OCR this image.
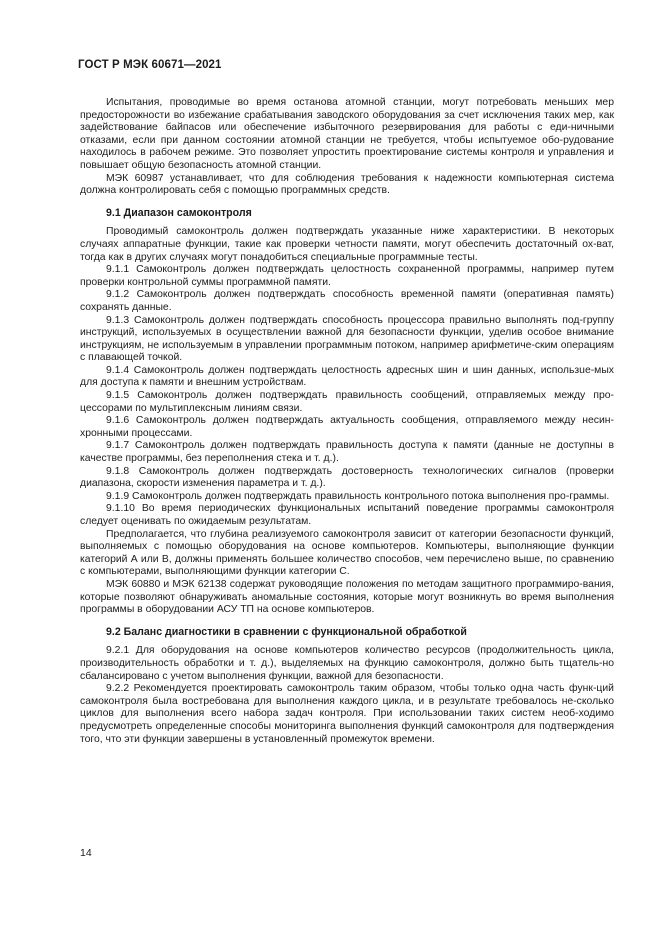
ГОСТ Р МЭК 60671—2021

Испытания, проводимые во время останова атомной станции, могут потребовать меньших мер предосторожности во избежание срабатывания заводского оборудования за счет исключения таких мер, как задействование байпасов или обеспечение избыточного резервирования для работы с еди-ничными отказами, если при данном состоянии атомной станции не требуется, чтобы испытуемое обо-рудование находилось в рабочем режиме. Это позволяет упростить проектирование системы контроля и управления и повышает общую безопасность атомной станции.

МЭК 60987 устанавливает, что для соблюдения требования к надежности компьютерная система должна контролировать себя с помощью программных средств.

9.1 Диапазон самоконтроля

Проводимый самоконтроль должен подтверждать указанные ниже характеристики. В некоторых случаях аппаратные функции, такие как проверки четности памяти, могут обеспечить достаточный ох-ват, тогда как в других случаях могут понадобиться специальные программные тесты.

9.1.1 Самоконтроль должен подтверждать целостность сохраненной программы, например путем проверки контрольной суммы программной памяти.

9.1.2 Самоконтроль должен подтверждать способность временной памяти (оперативная память) сохранять данные.

9.1.3 Самоконтроль должен подтверждать способность процессора правильно выполнять под-группу инструкций, используемых в осуществлении важной для безопасности функции, уделив особое внимание инструкциям, не используемым в управлении программным потоком, например арифметиче-ским операциям с плавающей точкой.

9.1.4 Самоконтроль должен подтверждать целостность адресных шин и шин данных, использue-мых для доступа к памяти и внешним устройствам.

9.1.5 Самоконтроль должен подтверждать правильность сообщений, отправляемых между про-цессорами по мультиплексным линиям связи.

9.1.6 Самоконтроль должен подтверждать актуальность сообщения, отправляемого между несин-хронными процессами.

9.1.7 Самоконтроль должен подтверждать правильность доступа к памяти (данные не доступны в качестве программы, без переполнения стека и т. д.).

9.1.8 Самоконтроль должен подтверждать достоверность технологических сигналов (проверки диапазона, скорости изменения параметра и т. д.).

9.1.9 Самоконтроль должен подтверждать правильность контрольного потока выполнения про-граммы.

9.1.10 Во время периодических функциональных испытаний поведение программы самоконтроля следует оценивать по ожидаемым результатам.

Предполагается, что глубина реализуемого самоконтроля зависит от категории безопасности функций, выполняемых с помощью оборудования на основе компьютеров. Компьютеры, выполняющие функции категорий А или В, должны применять большее количество способов, чем перечислено выше, по сравнению с компьютерами, выполняющими функции категории С.

МЭК 60880 и МЭК 62138 содержат руководящие положения по методам защитного программиро-вания, которые позволяют обнаруживать аномальные состояния, которые могут возникнуть во время выполнения программы в оборудовании АСУ ТП на основе компьютеров.

9.2 Баланс диагностики в сравнении с функциональной обработкой

9.2.1 Для оборудования на основе компьютеров количество ресурсов (продолжительность цикла, производительность обработки и т. д.), выделяемых на функцию самоконтроля, должно быть тщатель-но сбалансировано с учетом выполнения функции, важной для безопасности.

9.2.2 Рекомендуется проектировать самоконтроль таким образом, чтобы только одна часть функ-ций самоконтроля была востребована для выполнения каждого цикла, и в результате требовалось не-сколько циклов для выполнения всего набора задач контроля. При использовании таких систем необ-ходимо предусмотреть определенные способы мониторинга выполнения функций самоконтроля для подтверждения того, что эти функции завершены в установленный промежуток времени.

14
